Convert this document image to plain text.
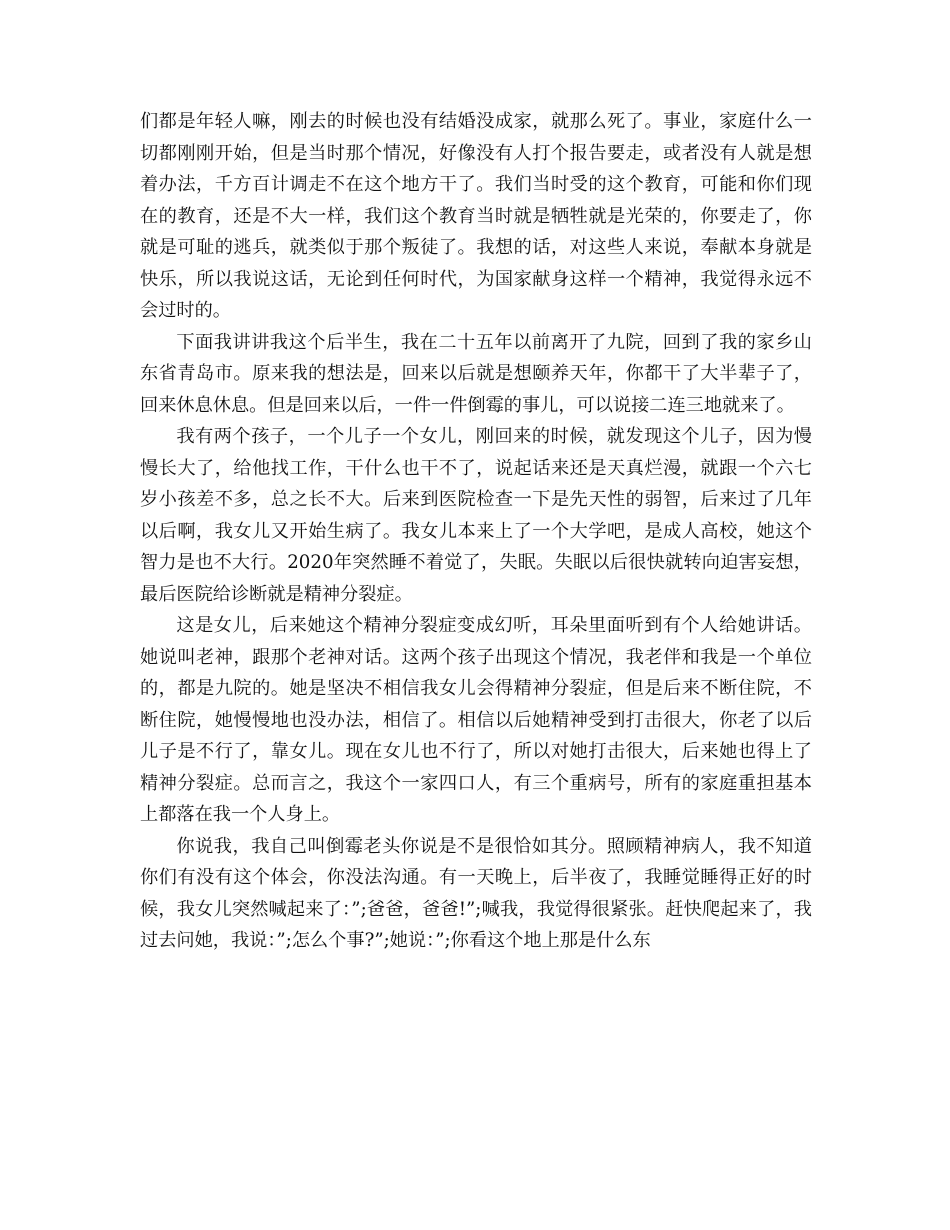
们都是年轻人嘛，刚去的时候也没有结婚没成家，就那么死了。事业，家庭什么一切都刚刚开始，但是当时那个情况，好像没有人打个报告要走，或者没有人就是想着办法，千方百计调走不在这个地方干了。我们当时受的这个教育，可能和你们现在的教育，还是不大一样，我们这个教育当时就是牺牲就是光荣的，你要走了，你就是可耻的逃兵，就类似于那个叛徒了。我想的话，对这些人来说，奉献本身就是快乐，所以我说这话，无论到任何时代，为国家献身这样一个精神，我觉得永远不会过时的。

下面我讲讲我这个后半生，我在二十五年以前离开了九院，回到了我的家乡山东省青岛市。原来我的想法是，回来以后就是想颐养天年，你都干了大半辈子了，回来休息休息。但是回来以后，一件一件倒霉的事儿，可以说接二连三地就来了。

我有两个孩子，一个儿子一个女儿，刚回来的时候，就发现这个儿子，因为慢慢长大了，给他找工作，干什么也干不了，说起话来还是天真烂漫，就跟一个六七岁小孩差不多，总之长不大。后来到医院检查一下是先天性的弱智，后来过了几年以后啊，我女儿又开始生病了。我女儿本来上了一个大学吧，是成人高校，她这个智力是也不大行。2020年突然睡不着觉了，失眠。失眠以后很快就转向迫害妄想，最后医院给诊断就是精神分裂症。

这是女儿，后来她这个精神分裂症变成幻听，耳朵里面听到有个人给她讲话。她说叫老神，跟那个老神对话。这两个孩子出现这个情况，我老伴和我是一个单位的，都是九院的。她是坚决不相信我女儿会得精神分裂症，但是后来不断住院，不断住院，她慢慢地也没办法，相信了。相信以后她精神受到打击很大，你老了以后儿子是不行了，靠女儿。现在女儿也不行了，所以对她打击很大，后来她也得上了精神分裂症。总而言之，我这个一家四口人，有三个重病号，所有的家庭重担基本上都落在我一个人身上。

你说我，我自己叫倒霉老头你说是不是很恰如其分。照顾精神病人，我不知道你们有没有这个体会，你没法沟通。有一天晚上，后半夜了，我睡觉睡得正好的时候，我女儿突然喊起来了：”;爸爸，爸爸!”;喊我，我觉得很紧张。赶快爬起来了，我过去问她，我说：”;怎么个事?”;她说：”;你看这个地上那是什么东
